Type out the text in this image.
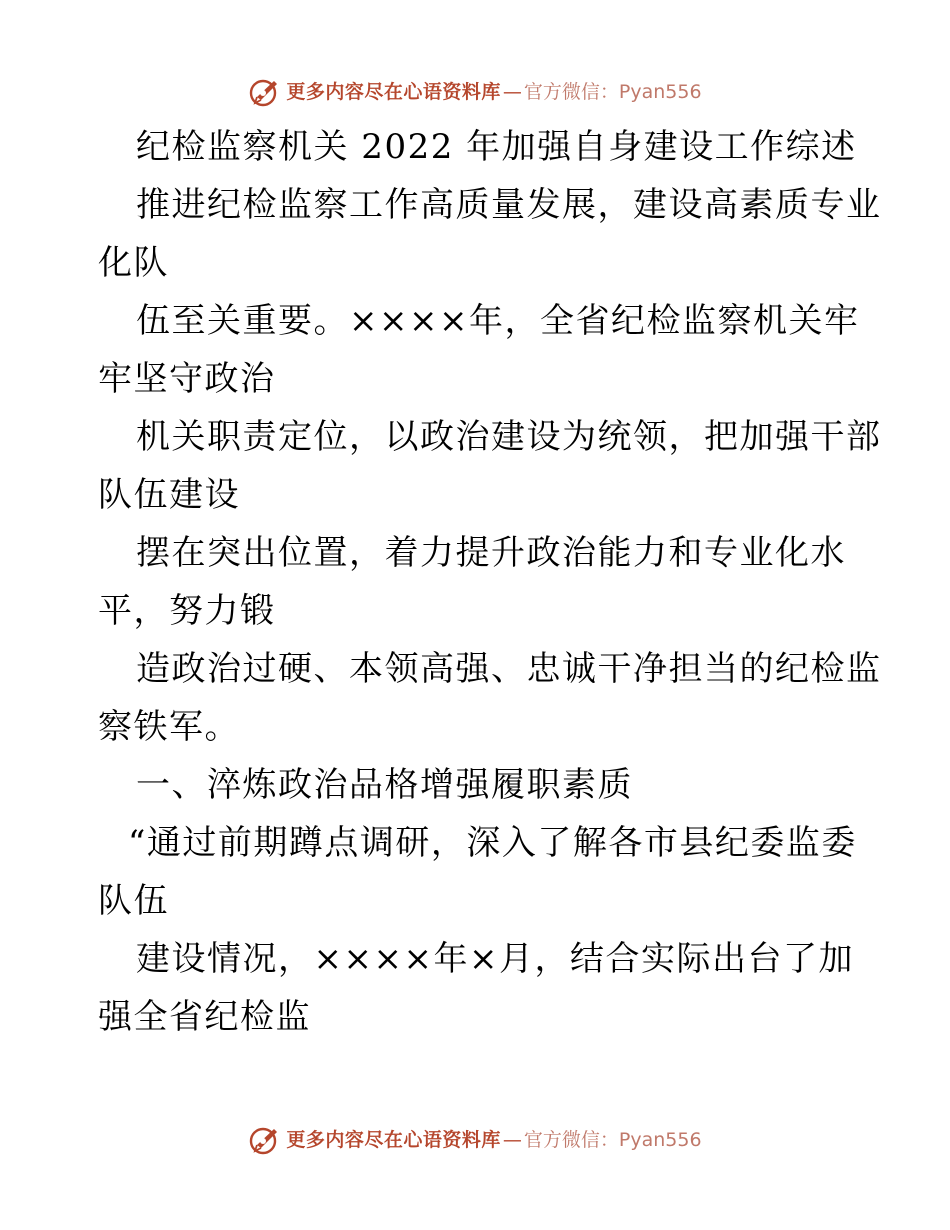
更多内容尽在心语资料库 — 官方微信：Pyan556
纪检监察机关 2022 年加强自身建设工作综述
推进纪检监察工作高质量发展，建设高素质专业
化队
伍至关重要。××××年，全省纪检监察机关牢
牢坚守政治
机关职责定位，以政治建设为统领，把加强干部
队伍建设
摆在突出位置，着力提升政治能力和专业化水
平，努力锻
造政治过硬、本领高强、忠诚干净担当的纪检监
察铁军。
一、淬炼政治品格增强履职素质
“通过前期蹲点调研，深入了解各市县纪委监委
队伍
建设情况，××××年×月，结合实际出台了加
强全省纪检监
更多内容尽在心语资料库 — 官方微信：Pyan556
